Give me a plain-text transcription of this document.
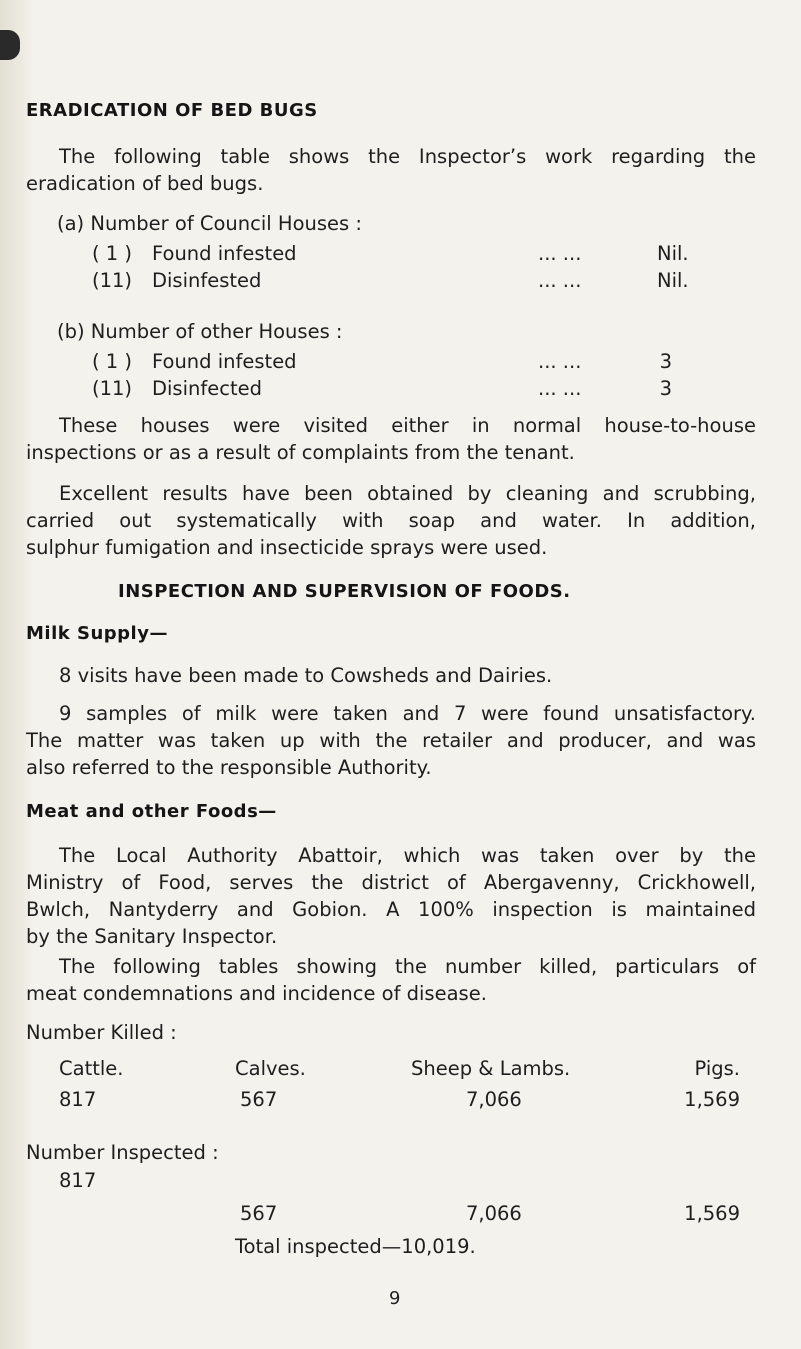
ERADICATION OF BED BUGS
The following table shows the Inspector’s work regarding the
eradication of bed bugs.
(a) Number of Council Houses :
( 1 ) Found infested	... ...	Nil.
(11) Disinfested	... ...	Nil.
(b) Number of other Houses :
( 1 ) Found infested	... ...	3
(11) Disinfected	... ...	3
These houses were visited either in normal house-to-house
inspections or as a result of complaints from the tenant.
Excellent results have been obtained by cleaning and scrubbing,
carried out systematically with soap and water. In addition,
sulphur fumigation and insecticide sprays were used.
INSPECTION AND SUPERVISION OF FOODS.
Milk Supply—
8 visits have been made to Cowsheds and Dairies.
9 samples of milk were taken and 7 were found unsatisfactory.
The matter was taken up with the retailer and producer, and was
also referred to the responsible Authority.
Meat and other Foods—
The Local Authority Abattoir, which was taken over by the
Ministry of Food, serves the district of Abergavenny, Crickhowell,
Bwlch, Nantyderry and Gobion. A 100% inspection is maintained
by the Sanitary Inspector.
The following tables showing the number killed, particulars of
meat condemnations and incidence of disease.
Number Killed :
Cattle.	Calves.	Sheep & Lambs.	Pigs.
817	567	7,066	1,569
Number Inspected :
817
567	7,066	1,569
Total inspected—10,019.
9
